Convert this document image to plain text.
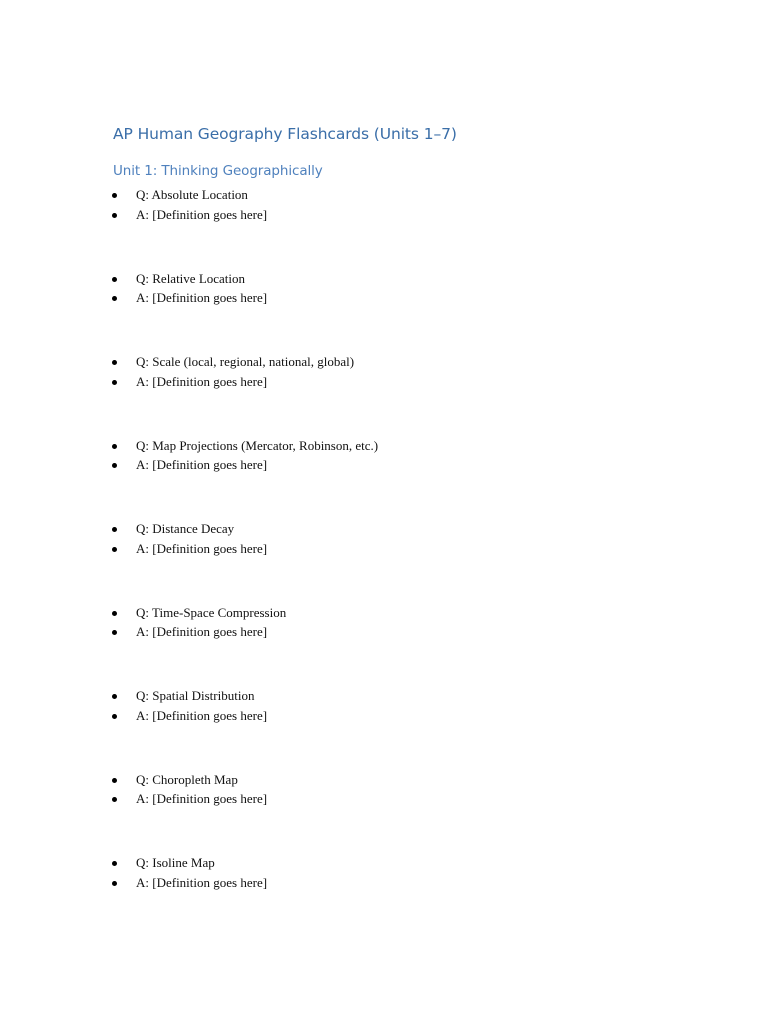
AP Human Geography Flashcards (Units 1–7)
Unit 1: Thinking Geographically
Q: Absolute Location
A: [Definition goes here]
Q: Relative Location
A: [Definition goes here]
Q: Scale (local, regional, national, global)
A: [Definition goes here]
Q: Map Projections (Mercator, Robinson, etc.)
A: [Definition goes here]
Q: Distance Decay
A: [Definition goes here]
Q: Time-Space Compression
A: [Definition goes here]
Q: Spatial Distribution
A: [Definition goes here]
Q: Choropleth Map
A: [Definition goes here]
Q: Isoline Map
A: [Definition goes here]
